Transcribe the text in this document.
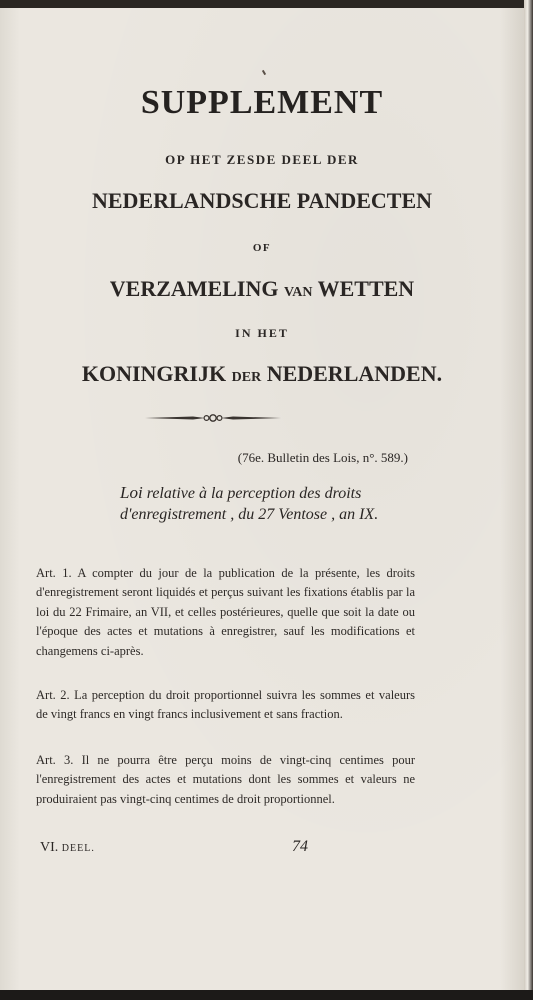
SUPPLEMENT
OP HET ZESDE DEEL DER
NEDERLANDSCHE PANDECTEN
OF
VERZAMELING VAN WETTEN
IN HET
KONINGRIJK DER NEDERLANDEN.
(76e. Bulletin des Lois, n°. 589.)
Loi relative à la perception des droits d'enregistrement , du 27 Ventose , an IX.
Art. 1. A compter du jour de la publication de la présente, les droits d'enregistrement seront liquidés et perçus suivant les fixations établis par la loi du 22 Frimaire, an VII, et celles postérieures, quelle que soit la date ou l'époque des actes et mutations à enregistrer, sauf les modifications et changemens ci-après.
Art. 2. La perception du droit proportionnel suivra les sommes et valeurs de vingt francs en vingt francs inclusivement et sans fraction.
Art. 3. Il ne pourra être perçu moins de vingt-cinq centimes pour l'enregistrement des actes et mutations dont les sommes et valeurs ne produiraient pas vingt-cinq centimes de droit proportionnel.
VI. DEEL.	74
